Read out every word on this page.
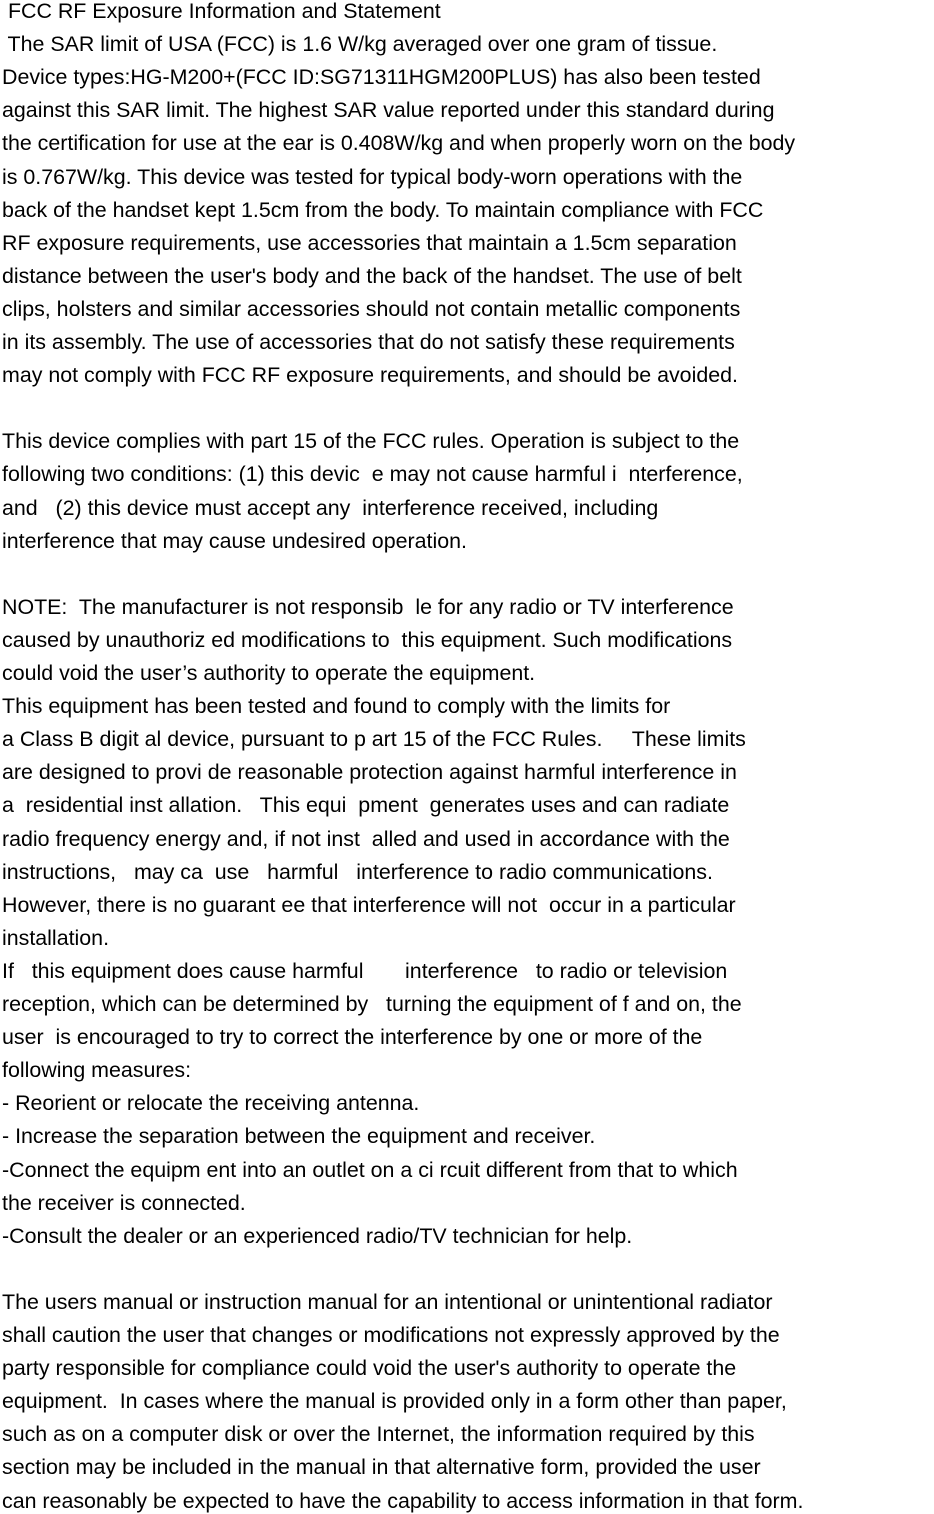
FCC RF Exposure Information and Statement
The SAR limit of USA (FCC) is 1.6 W/kg averaged over one gram of tissue.
Device types:HG-M200+(FCC ID:SG71311HGM200PLUS) has also been tested
against this SAR limit. The highest SAR value reported under this standard during
the certification for use at the ear is 0.408W/kg and when properly worn on the body
is 0.767W/kg. This device was tested for typical body-worn operations with the
back of the handset kept 1.5cm from the body. To maintain compliance with FCC
RF exposure requirements, use accessories that maintain a 1.5cm separation
distance between the user's body and the back of the handset. The use of belt
clips, holsters and similar accessories should not contain metallic components
in its assembly. The use of accessories that do not satisfy these requirements
may not comply with FCC RF exposure requirements, and should be avoided.
This device complies with part 15 of the FCC rules. Operation is subject to the
following two conditions: (1) this devic  e may not cause harmful i  nterference,
and   (2) this device must accept any  interference received, including
interference that may cause undesired operation.
NOTE:  The manufacturer is not responsib  le for any radio or TV interference
caused by unauthoriz ed modifications to  this equipment. Such modifications
could void the user’s authority to operate the equipment.
This equipment has been tested and found to comply with the limits for
a Class B digit al device, pursuant to p art 15 of the FCC Rules.     These limits
are designed to provi de reasonable protection against harmful interference in
a  residential inst allation.   This equi  pment  generates uses and can radiate
radio frequency energy and, if not inst  alled and used in accordance with the
instructions,   may ca  use   harmful   interference to radio communications.
However, there is no guarant ee that interference will not  occur in a particular
installation.
If   this equipment does cause harmful       interference   to radio or television
reception, which can be determined by   turning the equipment of f and on, the
user  is encouraged to try to correct the interference by one or more of the
following measures:
- Reorient or relocate the receiving antenna.
- Increase the separation between the equipment and receiver.
-Connect the equipm ent into an outlet on a ci rcuit different from that to which
the receiver is connected.
-Consult the dealer or an experienced radio/TV technician for help.
The users manual or instruction manual for an intentional or unintentional radiator
shall caution the user that changes or modifications not expressly approved by the
party responsible for compliance could void the user's authority to operate the
equipment.  In cases where the manual is provided only in a form other than paper,
such as on a computer disk or over the Internet, the information required by this
section may be included in the manual in that alternative form, provided the user
can reasonably be expected to have the capability to access information in that form.
